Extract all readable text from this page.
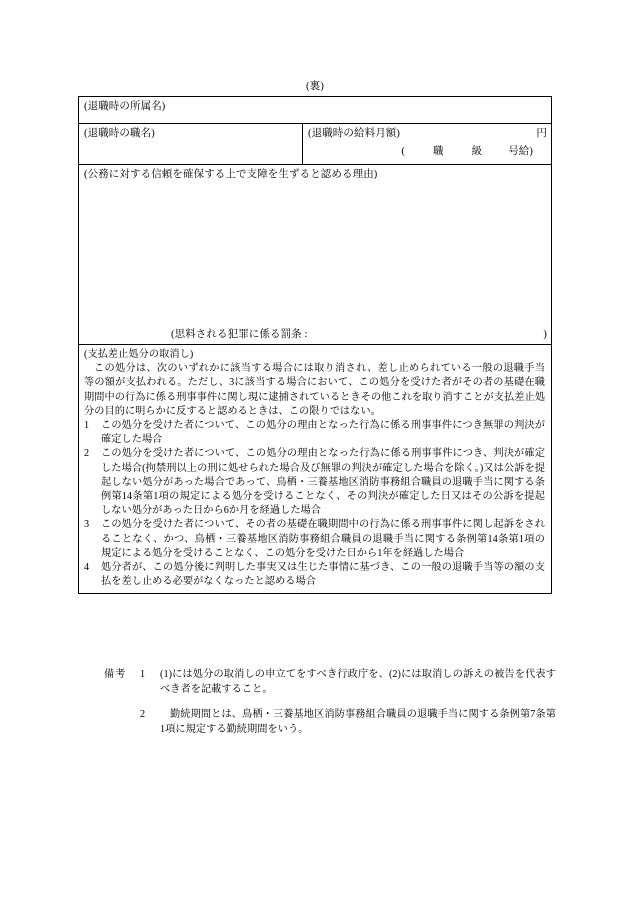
(裏)
(退職時の所属名)
(退職時の職名)	(退職時の給料月額)	円
(	職	級 号給)
(公務に対する信頼を確保する上で支障を生ずると認める理由)
(思料される犯罪に係る罰条 :	)
(支払差止処分の取消し)
この処分は、次のいずれかに該当する場合には取り消され、差し止められている一般の退職手当等の額が支払われる。ただし、3に該当する場合において、この処分を受けた者がその者の基礎在職期間中の行為に係る刑事事件に関し現に逮捕されているときその他これを取り消すことが支払差止処分の目的に明らかに反すると認めるときは、この限りではない。
1	この処分を受けた者について、この処分の理由となった行為に係る刑事事件につき無罪の判決が確定した場合
2	この処分を受けた者について、この処分の理由となった行為に係る刑事事件につき、判決が確定した場合(拘禁刑以上の刑に処せられた場合及び無罪の判決が確定した場合を除く。)又は公訴を提起しない処分があった場合であって、鳥栖・三養基地区消防事務組合職員の退職手当に関する条例第14条第1項の規定による処分を受けることなく、その判決が確定した日又はその公訴を提起しない処分があった日から6か月を経過した場合
3	この処分を受けた者について、その者の基礎在職期間中の行為に係る刑事事件に関し起訴をされることなく、かつ、鳥栖・三養基地区消防事務組合職員の退職手当に関する条例第14条第1項の規定による処分を受けることなく、この処分を受けた日から1年を経過した場合
4	処分者が、この処分後に判明した事実又は生じた事情に基づき、この一般の退職手当等の額の支払を差し止める必要がなくなったと認める場合
備考	1	(1)には処分の取消しの申立てをすべき行政庁を、(2)には取消しの訴えの被告を代表すべき者を記載すること。
2	勤続期間とは、鳥栖・三養基地区消防事務組合職員の退職手当に関する条例第7条第1項に規定する勤続期間をいう。
